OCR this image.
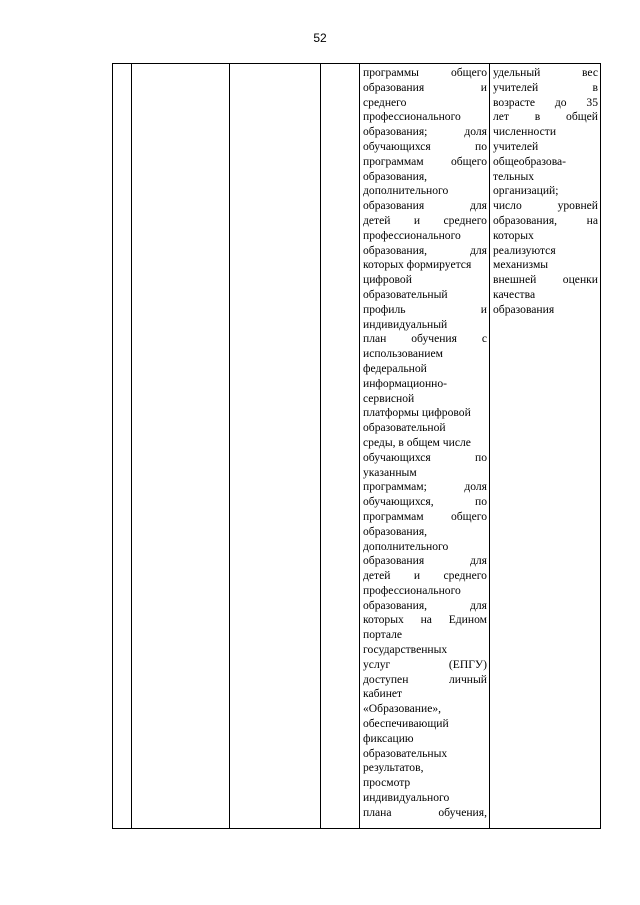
52

программы	общего
образования	и
среднего
профессионального
образования;	доля
обучающихся	по
программам общего
образования,
дополнительного
образования	для
детей и среднего
профессионального
образования,	для
которых формируется
цифровой
образовательный
профиль	и
индивидуальный
план обучения с
использованием
федеральной
информационно-
сервисной
платформы цифровой
образовательной
среды, в общем числе
обучающихся	по
указанным
программам;	доля
обучающихся,	по
программам общего
образования,
дополнительного
образования	для
детей и среднего
профессионального
образования,	для
которых на Едином
портале
государственных
услуг	(ЕПГУ)
доступен	личный
кабинет
«Образование»,
обеспечивающий
фиксацию
образовательных
результатов,
просмотр
индивидуального
плана	обучения,

удельный	вес
учителей	в
возрасте до 35
лет в общей
численности
учителей
общеобразова-
тельных
организаций;
число	уровней
образования,	на
которых
реализуются
механизмы
внешней оценки
качества
образования
